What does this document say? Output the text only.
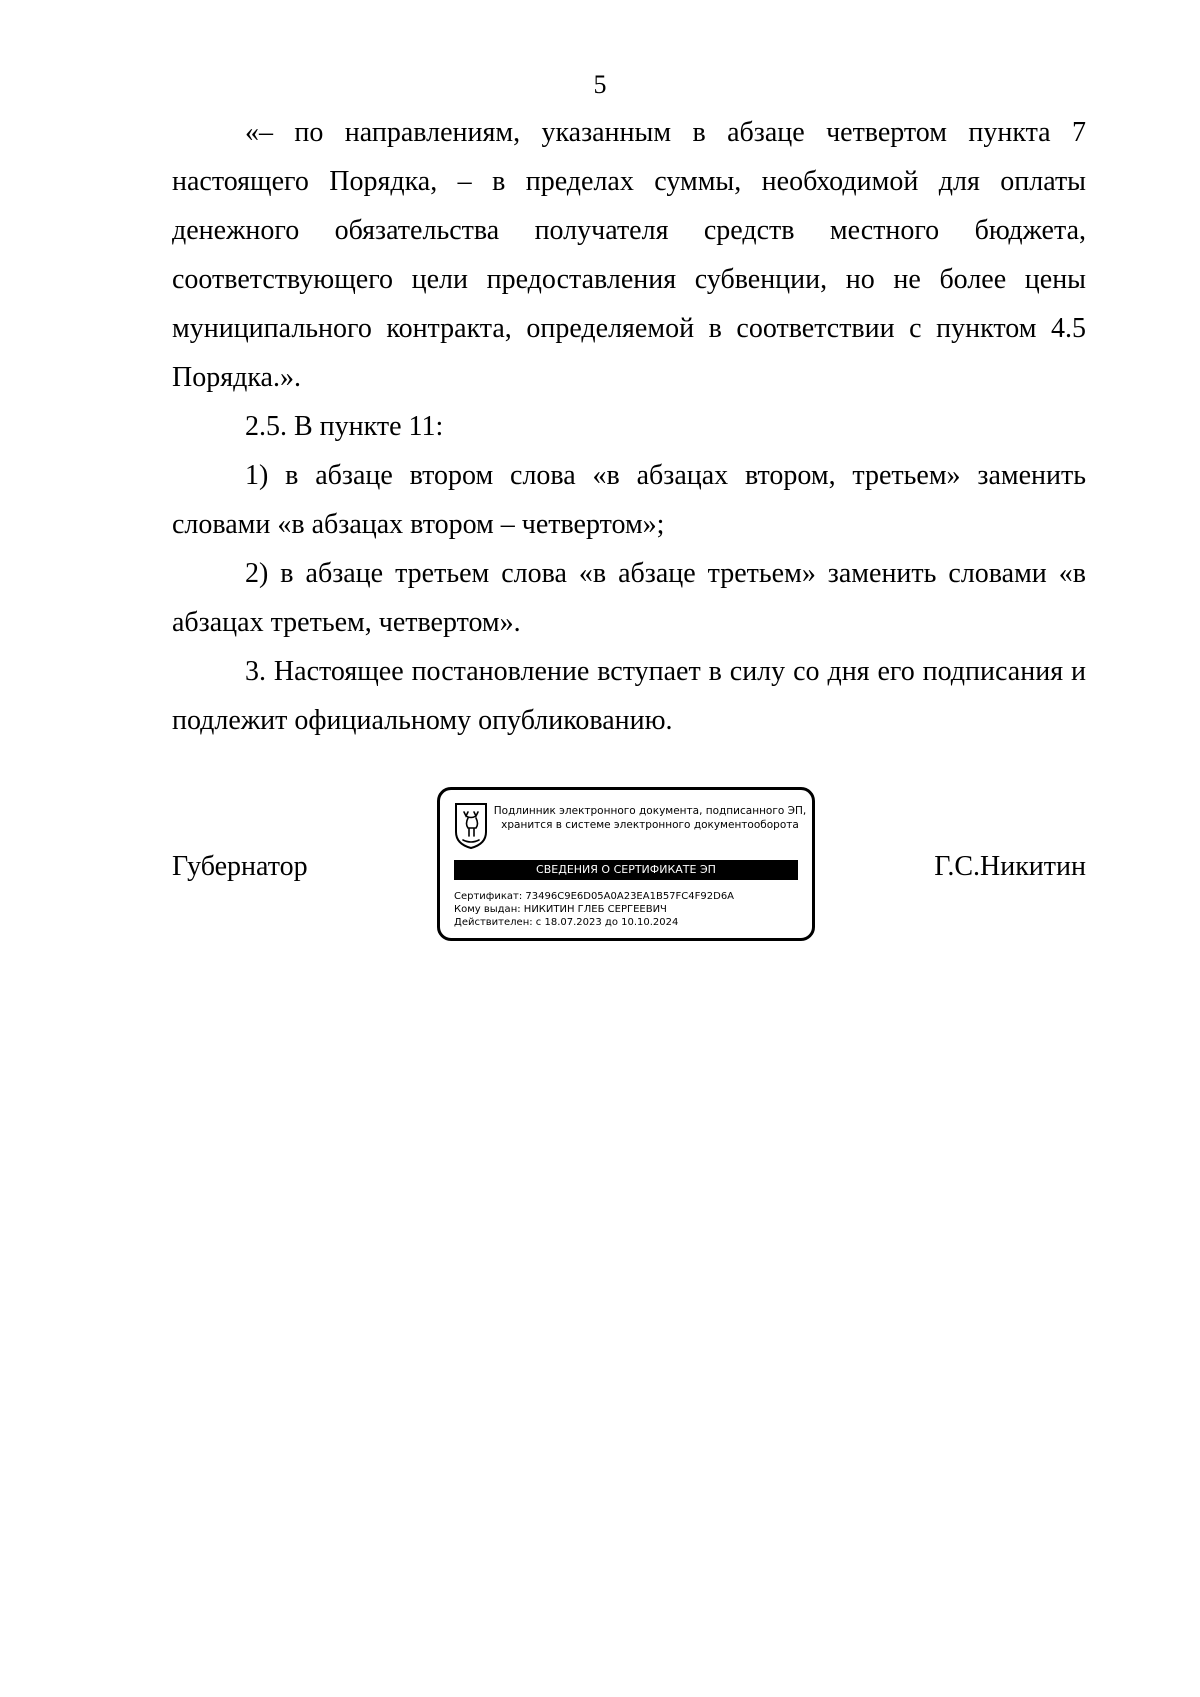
5

«– по направлениям, указанным в абзаце четвертом пункта 7 настоящего Порядка, – в пределах суммы, необходимой для оплаты денежного обязательства получателя средств местного бюджета, соответствующего цели предоставления субвенции, но не более цены муниципального контракта, определяемой в соответствии с пунктом 4.5 Порядка.».

2.5. В пункте 11:

1) в абзаце втором слова «в абзацах втором, третьем» заменить словами «в абзацах втором – четвертом»;

2) в абзаце третьем слова «в абзаце третьем» заменить словами «в абзацах третьем, четвертом».

3. Настоящее постановление вступает в силу со дня его подписания и подлежит официальному опубликованию.

Губернатор
Подлинник электронного документа, подписанного ЭП,
хранится в системе электронного документооборота
СВЕДЕНИЯ О СЕРТИФИКАТЕ ЭП
Сертификат: 73496C9E6D05A0A23EA1B57FC4F92D6A
Кому выдан: НИКИТИН ГЛЕБ СЕРГЕЕВИЧ
Действителен: с 18.07.2023 до 10.10.2024
Г.С.Никитин
